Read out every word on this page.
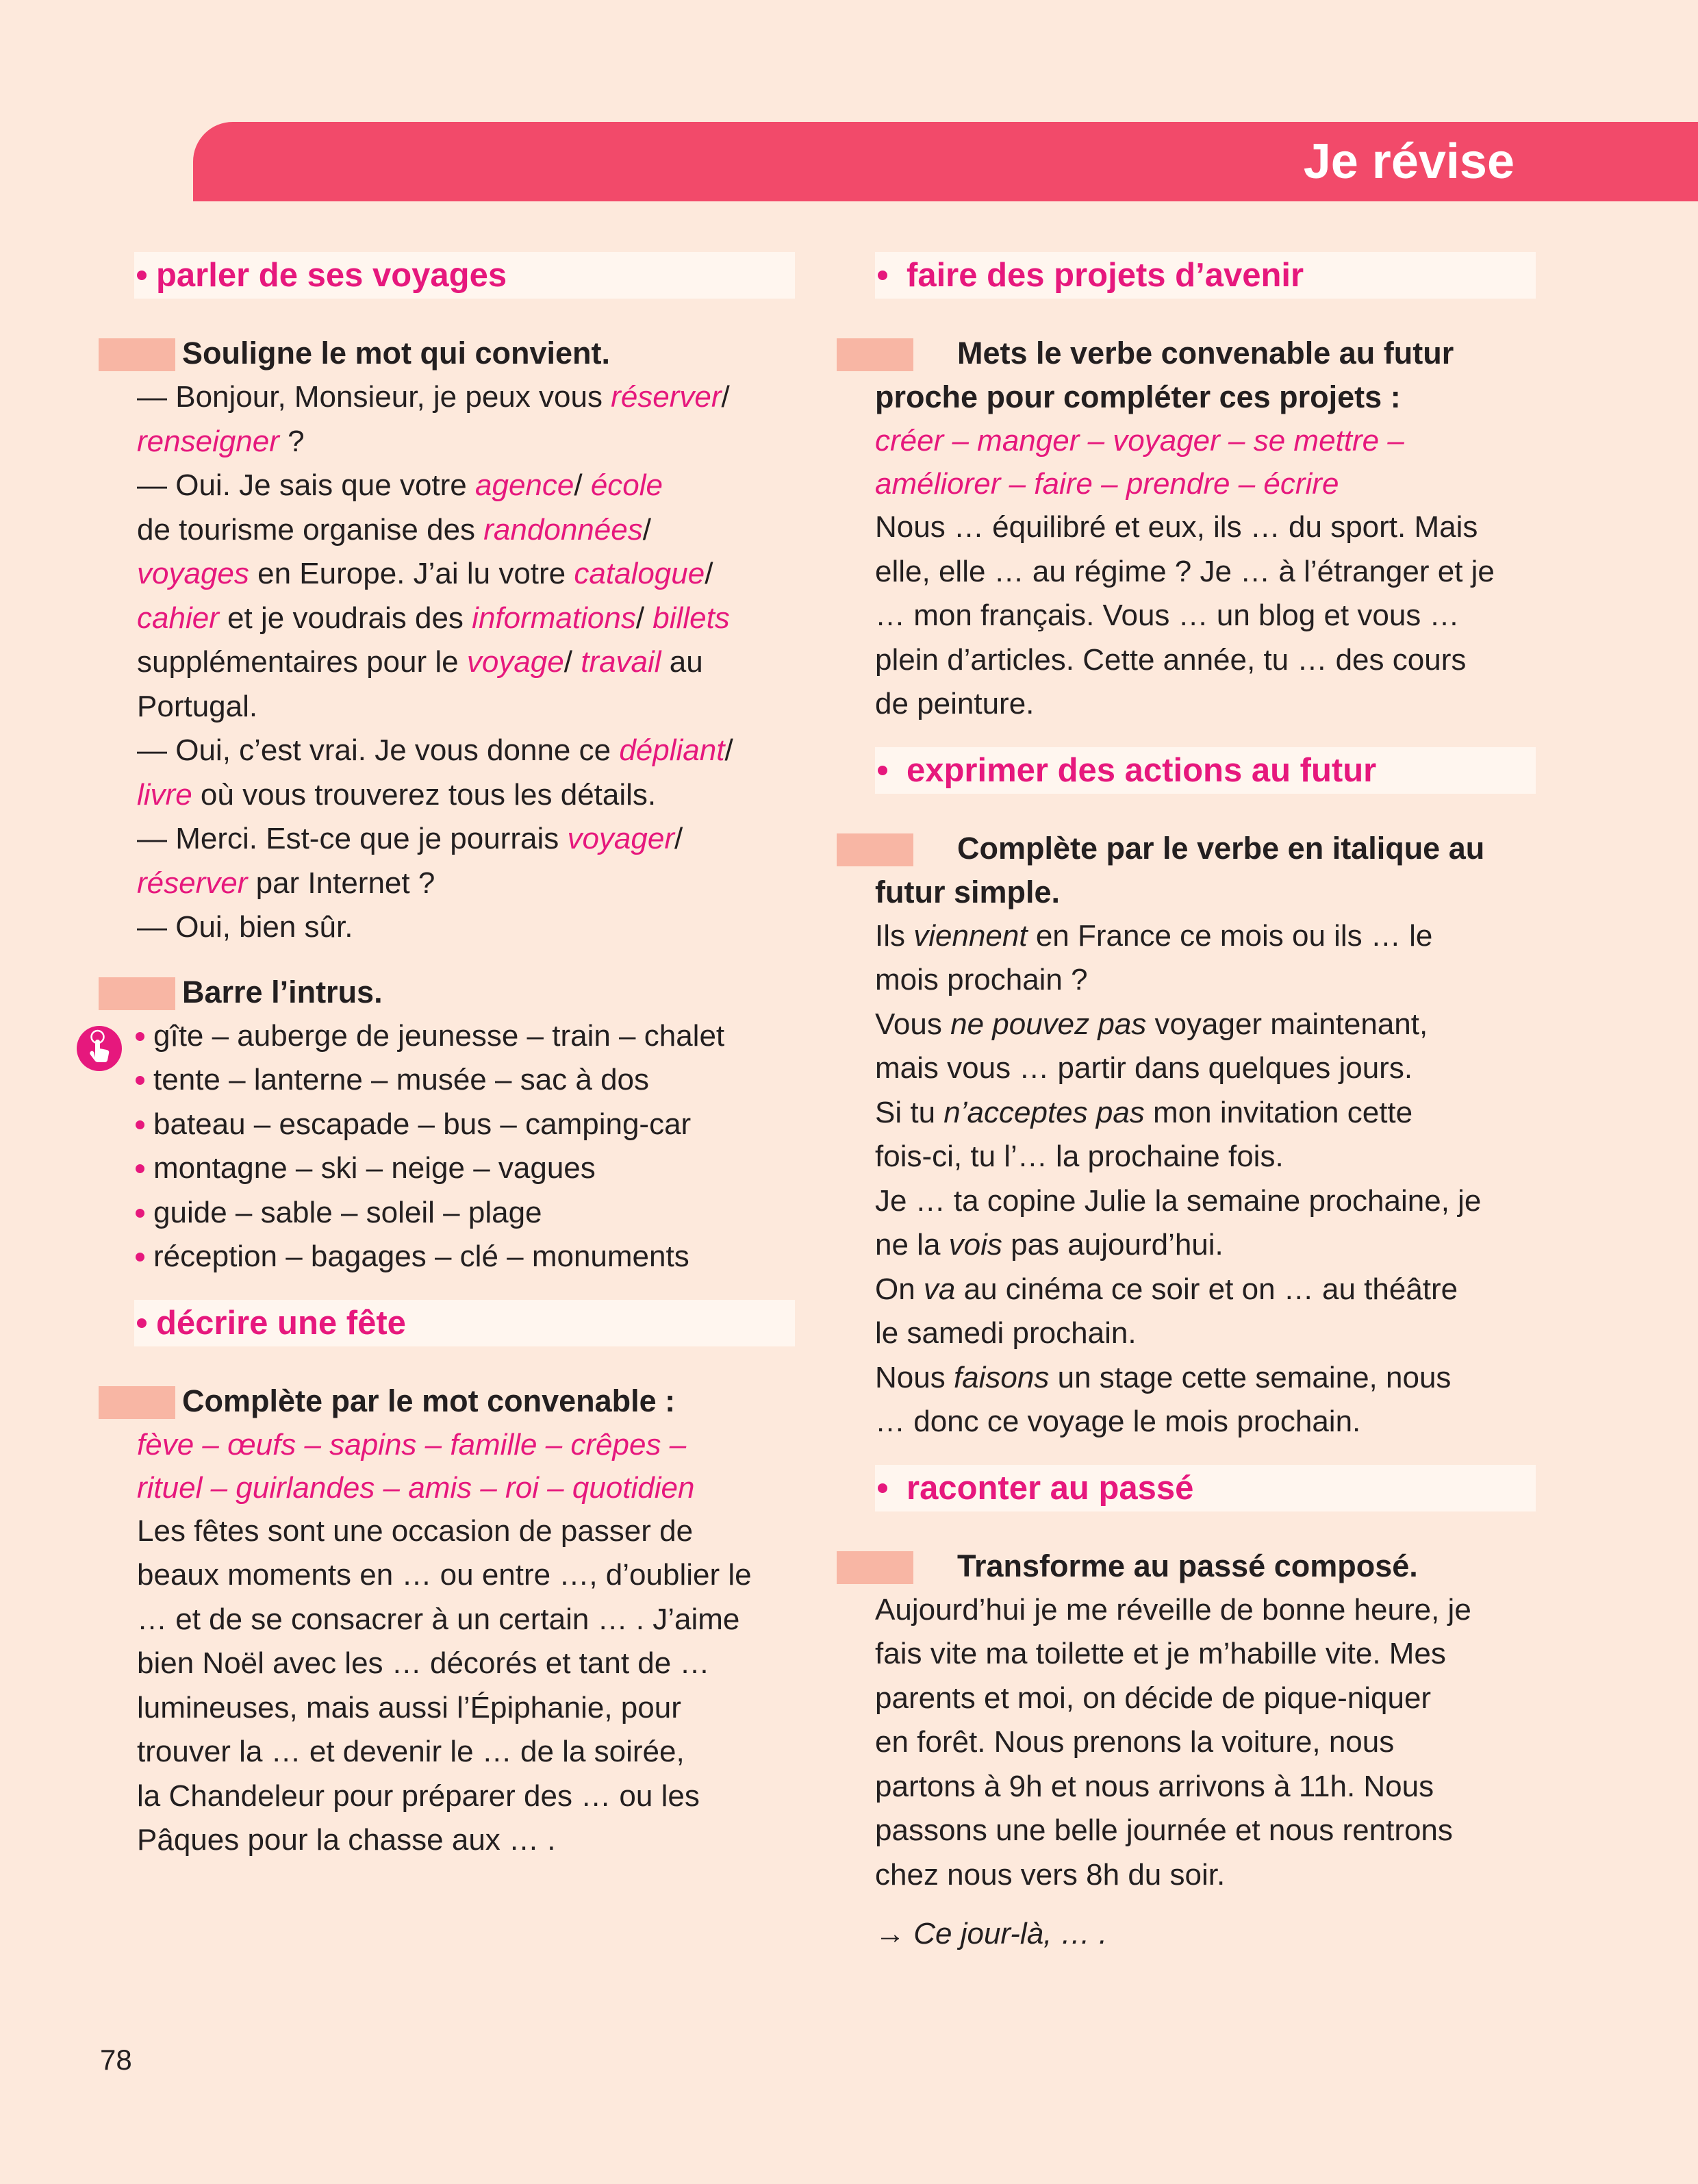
Je révise
parler de ses voyages
Souligne le mot qui convient.
— Bonjour, Monsieur, je peux vous réserver/
renseigner ?
— Oui. Je sais que votre agence/ école
de tourisme organise des randonnées/
voyages en Europe. J’ai lu votre catalogue/
cahier et je voudrais des informations/ billets
supplémentaires pour le voyage/ travail au
Portugal.
— Oui, c’est vrai. Je vous donne ce dépliant/
livre où vous trouverez tous les détails.
— Merci. Est-ce que je pourrais voyager/
réserver par Internet ?
— Oui, bien sûr.
Barre l’intrus.
gîte – auberge de jeunesse – train – chalet
tente – lanterne – musée – sac à dos
bateau – escapade – bus – camping-car
montagne – ski – neige – vagues
guide – sable – soleil – plage
réception – bagages – clé – monuments
décrire une fête
Complète par le mot convenable :
fève – œufs – sapins – famille – crêpes –
rituel – guirlandes – amis – roi – quotidien
Les fêtes sont une occasion de passer de
beaux moments en … ou entre …, d’oublier le
… et de se consacrer à un certain … . J’aime
bien Noël avec les … décorés et tant de …
lumineuses, mais aussi l’Épiphanie, pour
trouver la … et devenir le … de la soirée,
la Chandeleur pour préparer des … ou les
Pâques pour la chasse aux … .
faire des projets d’avenir
Mets le verbe convenable au futur
proche pour compléter ces projets :
créer – manger – voyager – se mettre –
améliorer – faire – prendre – écrire
Nous … équilibré et eux, ils … du sport. Mais
elle, elle … au régime ? Je … à l’étranger et je
… mon français. Vous … un blog et vous …
plein d’articles. Cette année, tu … des cours
de peinture.
exprimer des actions au futur
Complète par le verbe en italique au
futur simple.
Ils viennent en France ce mois ou ils … le
mois prochain ?
Vous ne pouvez pas voyager maintenant,
mais vous … partir dans quelques jours.
Si tu n’acceptes pas mon invitation cette
fois-ci, tu l’… la prochaine fois.
Je … ta copine Julie la semaine prochaine, je
ne la vois pas aujourd’hui.
On va au cinéma ce soir et on … au théâtre
le samedi prochain.
Nous faisons un stage cette semaine, nous
… donc ce voyage le mois prochain.
raconter au passé
Transforme au passé composé.
Aujourd’hui je me réveille de bonne heure, je
fais vite ma toilette et je m’habille vite. Mes
parents et moi, on décide de pique-niquer
en forêt. Nous prenons la voiture, nous
partons à 9h et nous arrivons à 11h. Nous
passons une belle journée et nous rentrons
chez nous vers 8h du soir.
→ Ce jour-là, … .
78
